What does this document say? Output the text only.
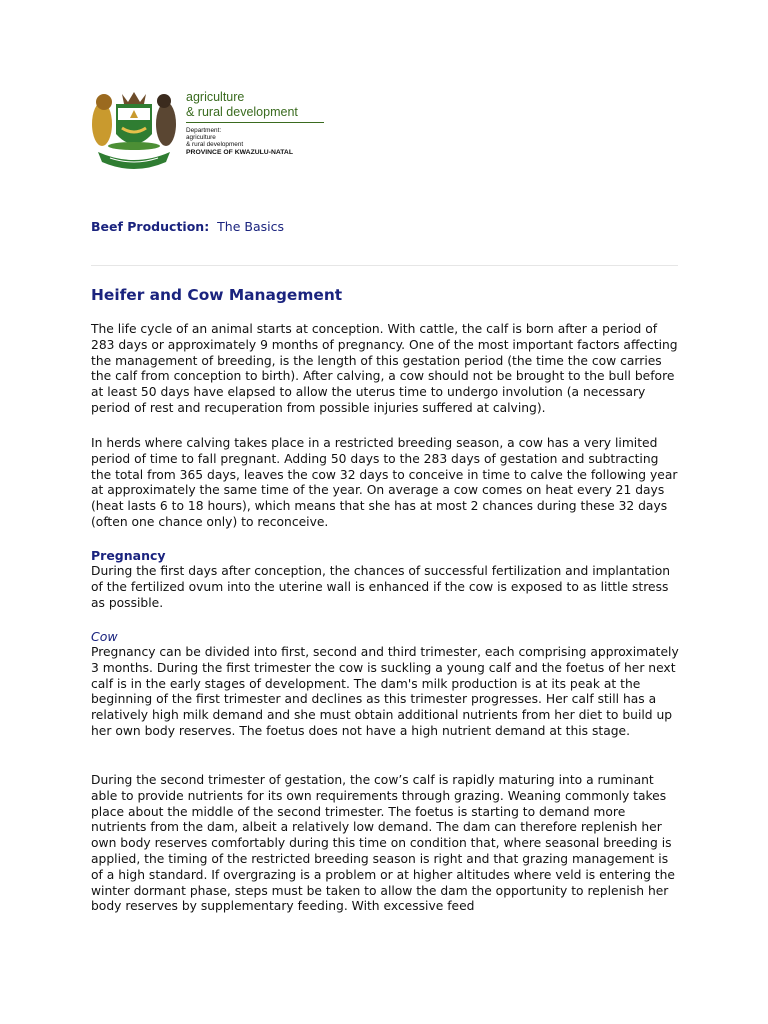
agriculture
& rural development
Department:
agriculture
& rural development
PROVINCE OF KWAZULU-NATAL
Beef Production: The Basics
Heifer and Cow Management
The life cycle of an animal starts at conception. With cattle, the calf is born after a period of 283 days or approximately 9 months of pregnancy. One of the most important factors affecting the management of breeding, is the length of this gestation period (the time the cow carries the calf from conception to birth). After calving, a cow should not be brought to the bull before at least 50 days have elapsed to allow the uterus time to undergo involution (a necessary period of rest and recuperation from possible injuries suffered at calving).
In herds where calving takes place in a restricted breeding season, a cow has a very limited period of time to fall pregnant. Adding 50 days to the 283 days of gestation and subtracting the total from 365 days, leaves the cow 32 days to conceive in time to calve the following year at approximately the same time of the year. On average a cow comes on heat every 21 days (heat lasts 6 to 18 hours), which means that she has at most 2 chances during these 32 days (often one chance only) to reconceive.
Pregnancy
During the first days after conception, the chances of successful fertilization and implantation of the fertilized ovum into the uterine wall is enhanced if the cow is exposed to as little stress as possible.
Cow
Pregnancy can be divided into first, second and third trimester, each comprising approximately 3 months. During the first trimester the cow is suckling a young calf and the foetus of her next calf is in the early stages of development. The dam's milk production is at its peak at the beginning of the first trimester and declines as this trimester progresses. Her calf still has a relatively high milk demand and she must obtain additional nutrients from her diet to build up her own body reserves. The foetus does not have a high nutrient demand at this stage.
During the second trimester of gestation, the cow’s calf is rapidly maturing into a ruminant able to provide nutrients for its own requirements through grazing. Weaning commonly takes place about the middle of the second trimester. The foetus is starting to demand more nutrients from the dam, albeit a relatively low demand. The dam can therefore replenish her own body reserves comfortably during this time on condition that, where seasonal breeding is applied, the timing of the restricted breeding season is right and that grazing management is of a high standard. If overgrazing is a problem or at higher altitudes where veld is entering the winter dormant phase, steps must be taken to allow the dam the opportunity to replenish her body reserves by supplementary feeding. With excessive feed
